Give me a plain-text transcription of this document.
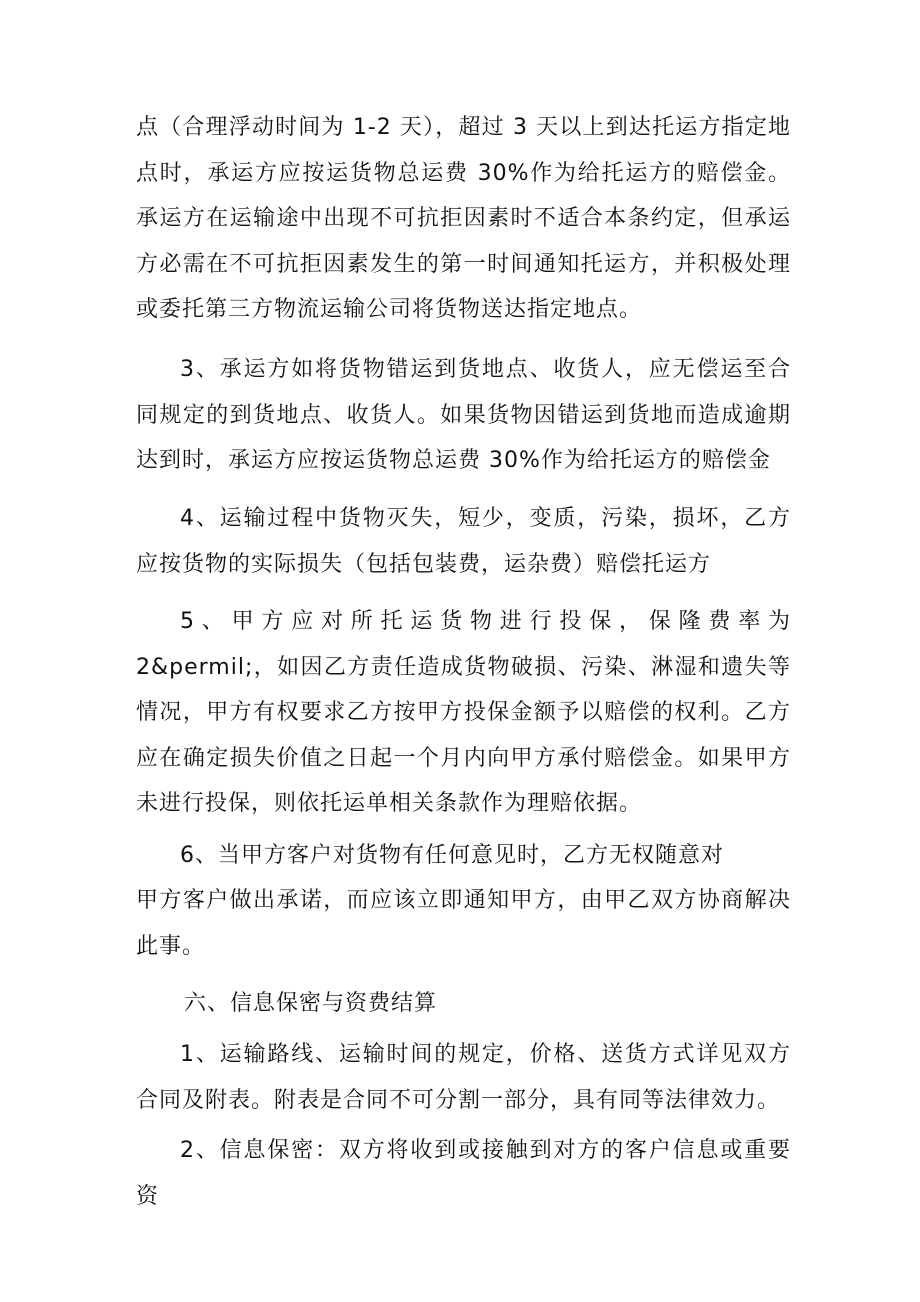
点（合理浮动时间为 1-2 天），超过 3 天以上到达托运方指定地点时，承运方应按运货物总运费 30%作为给托运方的赔偿金。承运方在运输途中出现不可抗拒因素时不适合本条约定，但承运方必需在不可抗拒因素发生的第一时间通知托运方，并积极处理或委托第三方物流运输公司将货物送达指定地点。

3、承运方如将货物错运到货地点、收货人，应无偿运至合同规定的到货地点、收货人。如果货物因错运到货地而造成逾期达到时，承运方应按运货物总运费 30%作为给托运方的赔偿金

4、运输过程中货物灭失，短少，变质，污染，损坏，乙方应按货物的实际损失（包括包装费，运杂费）赔偿托运方

5、甲方应对所托运货物进行投保，保隆费率为 2&permil;，如因乙方责任造成货物破损、污染、淋湿和遗失等情况，甲方有权要求乙方按甲方投保金额予以赔偿的权利。乙方应在确定损失价值之日起一个月内向甲方承付赔偿金。如果甲方未进行投保，则依托运单相关条款作为理赔依据。

6、当甲方客户对货物有任何意见时，乙方无权随意对

甲方客户做出承诺，而应该立即通知甲方，由甲乙双方协商解决此事。

六、信息保密与资费结算

1、运输路线、运输时间的规定，价格、送货方式详见双方合同及附表。附表是合同不可分割一部分，具有同等法律效力。

2、信息保密：双方将收到或接触到对方的客户信息或重要资
